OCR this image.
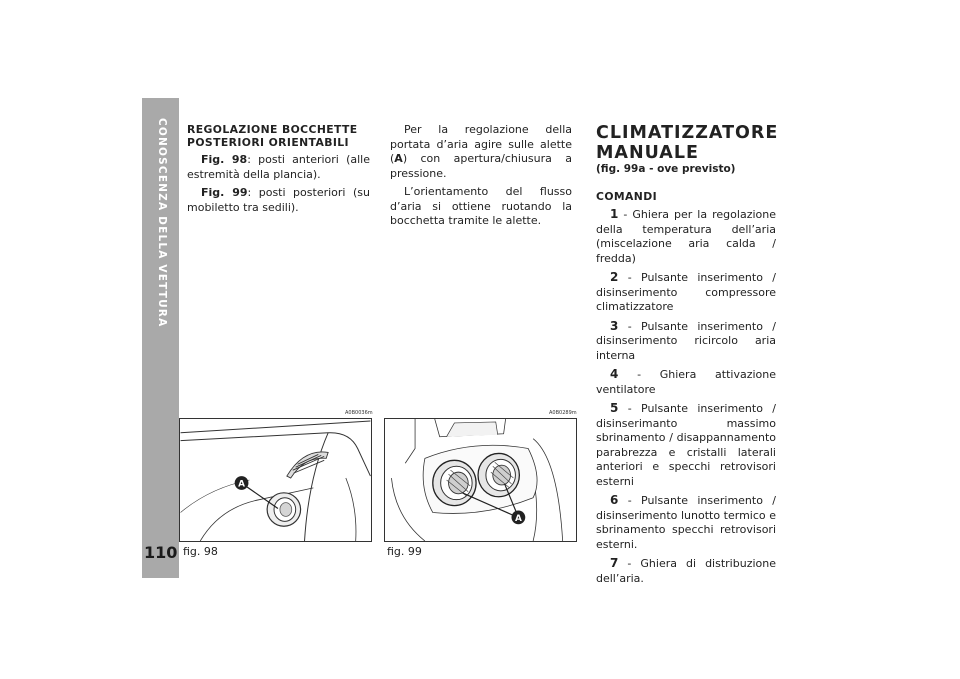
CONOSCENZA DELLA VETTURA
110
REGOLAZIONE BOCCHETTE
POSTERIORI ORIENTABILI

Fig. 98: posti anteriori (alle estremità della plancia).

Fig. 99: posti posteriori (su mobiletto tra sedili).

Per la regolazione della portata d’aria agire sulle alette (A) con apertura/chiusura a pressione.

L’orientamento del flusso d’aria si ottiene ruotando la bocchetta tramite le alette.

CLIMATIZZATORE
MANUALE
(fig. 99a - ove previsto)
COMANDI

1 - Ghiera per la regolazione della temperatura dell’aria (miscelazione aria calda / fredda)

2 - Pulsante inserimento / disinserimento compressore climatizzatore

3 - Pulsante inserimento / disinserimento ricircolo aria interna

4 - Ghiera attivazione ventilatore

5 - Pulsante inserimento / disinserimanto massimo sbrinamento / disappannamento parabrezza e cristalli laterali anteriori e specchi retrovisori esterni

6 - Pulsante inserimento / disinserimento lunotto termico e sbrinamento specchi retrovisori esterni.

7 - Ghiera di distribuzione dell’aria.

A0B0036m
A
fig. 98
A0B0289m
A
fig. 99
